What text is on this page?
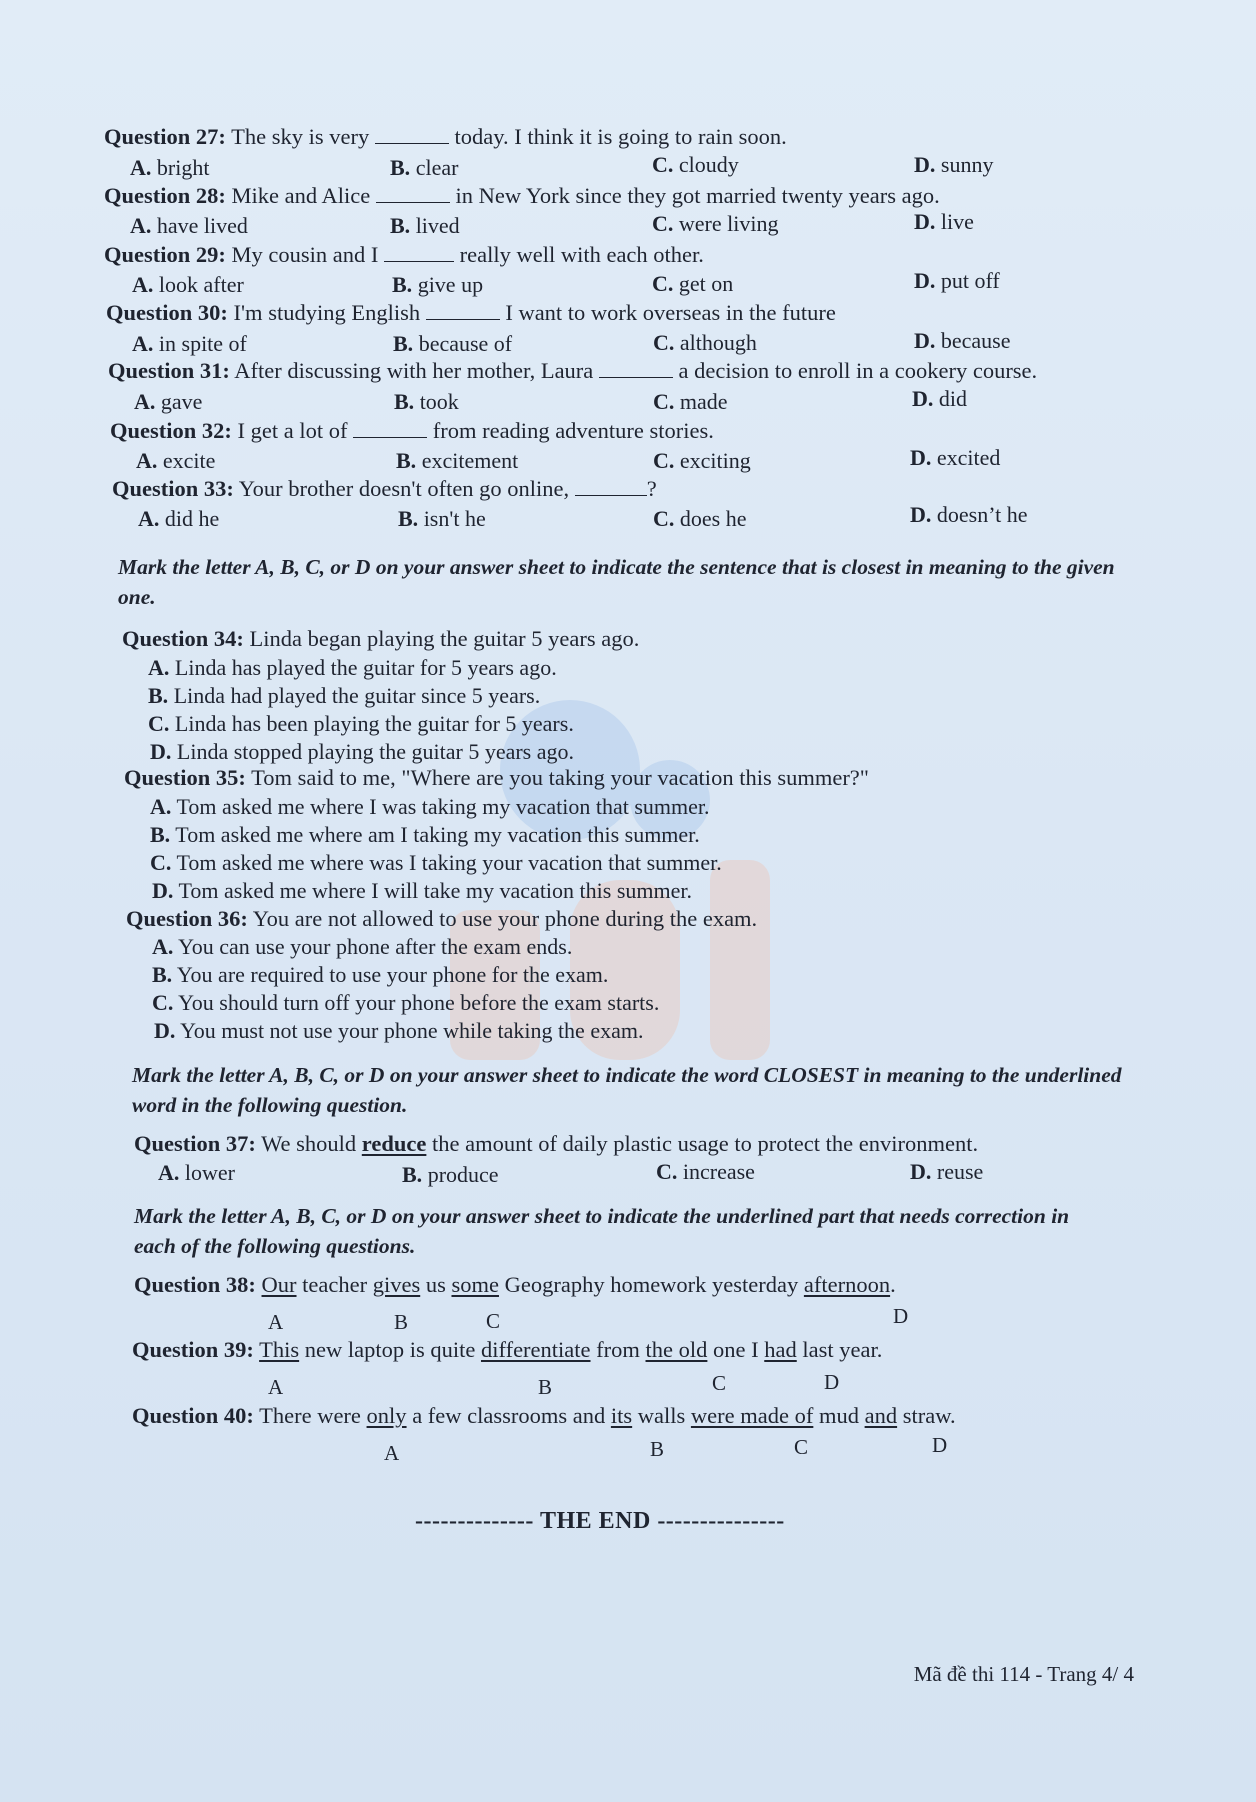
Question 27: The sky is very	today. I think it is going to rain soon.
A. bright	B. clear	C. cloudy	D. sunny
Question 28: Mike and Alice	in New York since they got married twenty years ago.
A. have lived	B. lived	C. were living	D. live
Question 29: My cousin and I	really well with each other.
A. look after	B. give up	C. get on	D. put off
Question 30: I'm studying English	I want to work overseas in the future
A. in spite of	B. because of	C. although	D. because
Question 31: After discussing with her mother, Laura	a decision to enroll in a cookery course.
A. gave	B. took	C. made	D. did
Question 32: I get a lot of	from reading adventure stories.
A. excite	B. excitement	C. exciting	D. excited
Question 33: Your brother doesn't often go online,	?
A. did he	B. isn't he	C. does he	D. doesn’t he
Mark the letter A, B, C, or D on your answer sheet to indicate the sentence that is closest in meaning to the given one.
Question 34: Linda began playing the guitar 5 years ago.
A. Linda has played the guitar for 5 years ago.
B. Linda had played the guitar since 5 years.
C. Linda has been playing the guitar for 5 years.
D. Linda stopped playing the guitar 5 years ago.
Question 35: Tom said to me, "Where are you taking your vacation this summer?"
A. Tom asked me where I was taking my vacation that summer.
B. Tom asked me where am I taking my vacation this summer.
C. Tom asked me where was I taking your vacation that summer.
D. Tom asked me where I will take my vacation this summer.
Question 36: You are not allowed to use your phone during the exam.
A. You can use your phone after the exam ends.
B. You are required to use your phone for the exam.
C. You should turn off your phone before the exam starts.
D. You must not use your phone while taking the exam.
Mark the letter A, B, C, or D on your answer sheet to indicate the word CLOSEST in meaning to the underlined word in the following question.
Question 37: We should reduce the amount of daily plastic usage to protect the environment.
A. lower	B. produce	C. increase	D. reuse
Mark the letter A, B, C, or D on your answer sheet to indicate the underlined part that needs correction in each of the following questions.
Question 38: Our teacher gives us some Geography homework yesterday afternoon.
A	B	C	D
Question 39: This new laptop is quite differentiate from the old one I had last year.
A	B	C	D
Question 40: There were only a few classrooms and its walls were made of mud and straw.
A	B	C	D
-------------- THE END ---------------
Mã đề thi 114 - Trang 4/ 4
